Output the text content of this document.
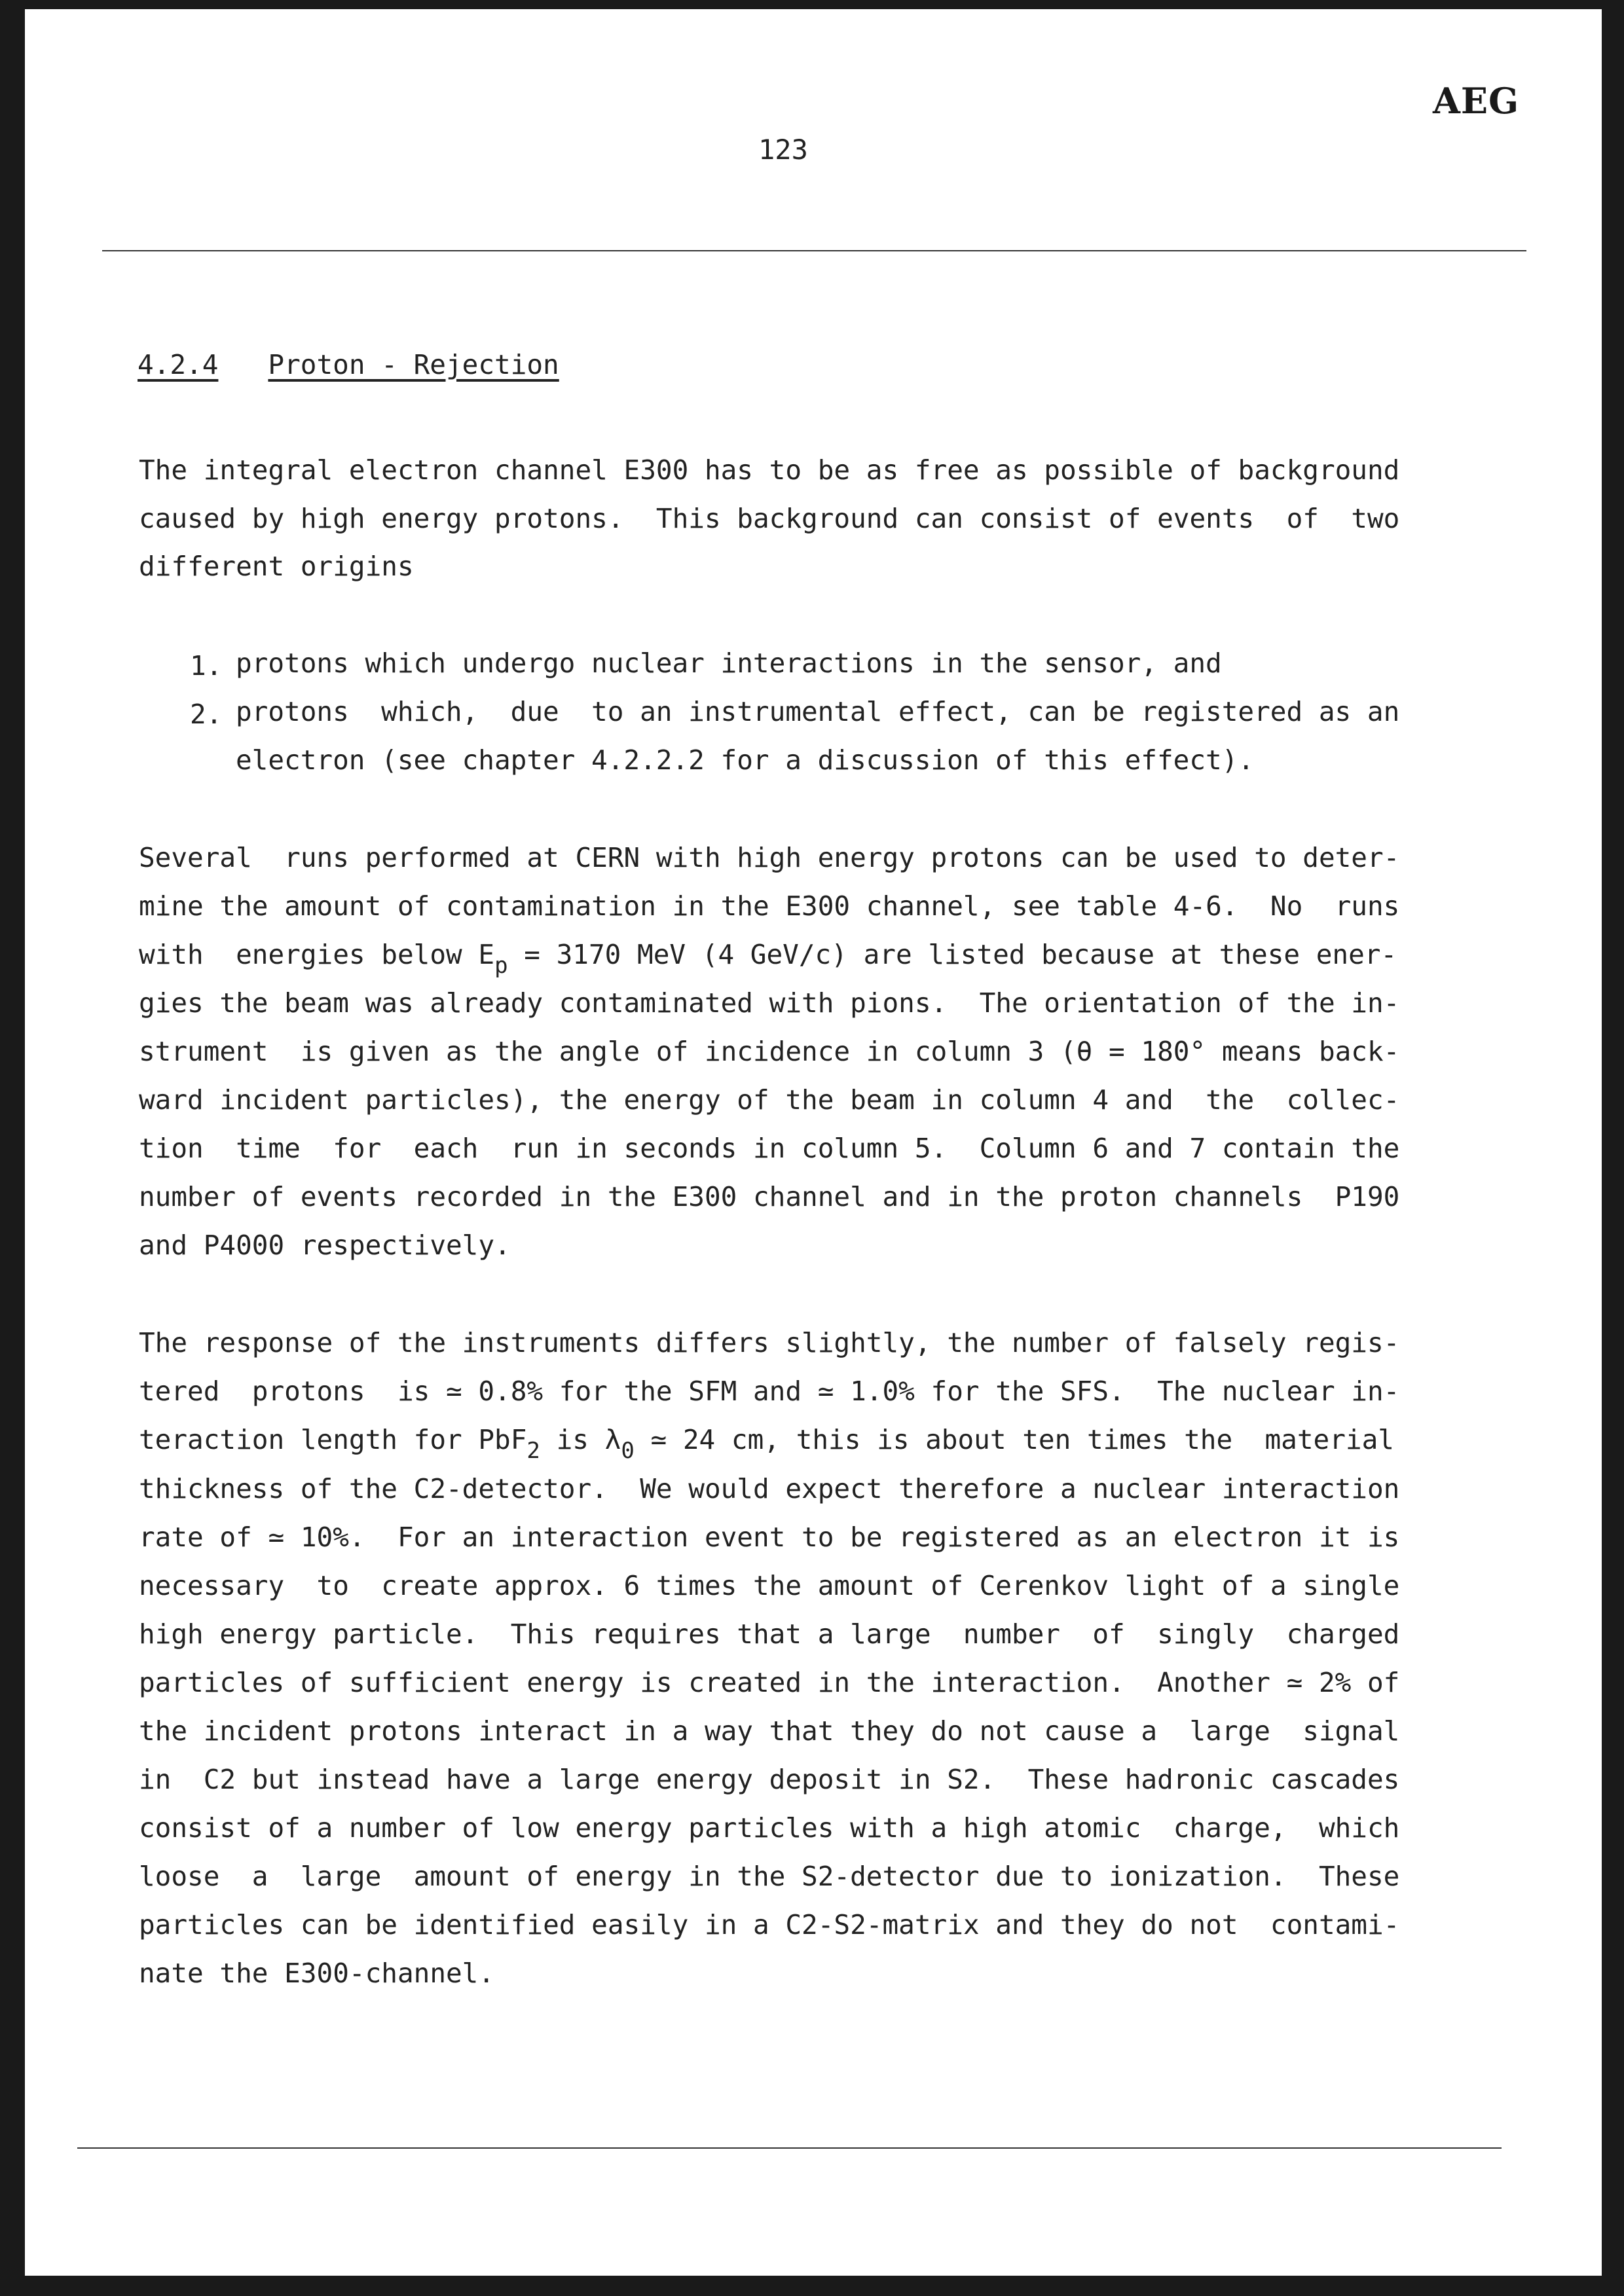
AEG
123
4.2.4 Proton - Rejection
The integral electron channel E300 has to be as free as possible of background
caused by high energy protons.  This background can consist of events  of  two
different origins
1. protons which undergo nuclear interactions in the sensor, and
2. protons  which,  due  to an instrumental effect, can be registered as an
electron (see chapter 4.2.2.2 for a discussion of this effect).
Several  runs performed at CERN with high energy protons can be used to deter-
mine the amount of contamination in the E300 channel, see table 4-6.  No  runs
with  energies below $E_p = 3170$ MeV (4 GeV/c) are listed because at these ener-
gies the beam was already contaminated with pions.  The orientation of the in-
strument  is given as the angle of incidence in column 3 (θ = 180° means back-
ward incident particles), the energy of the beam in column 4 and  the  collec-
tion  time  for  each  run in seconds in column 5.  Column 6 and 7 contain the
number of events recorded in the E300 channel and in the proton channels  P190
and P4000 respectively.
The response of the instruments differs slightly, the number of falsely regis-
tered  protons  is ≃ 0.8% for the SFM and ≃ 1.0% for the SFS.  The nuclear in-
teraction length for PbF$_2$ is $\lambda_0$ ≃ 24 cm, this is about ten times the  material
thickness of the C2-detector.  We would expect therefore a nuclear interaction
rate of ≃ 10%.  For an interaction event to be registered as an electron it is
necessary  to  create approx. 6 times the amount of Cerenkov light of a single
high energy particle.  This requires that a large  number  of  singly  charged
particles of sufficient energy is created in the interaction.  Another ≃ 2% of
the incident protons interact in a way that they do not cause a  large  signal
in  C2 but instead have a large energy deposit in S2.  These hadronic cascades
consist of a number of low energy particles with a high atomic  charge,  which
loose  a  large  amount of energy in the S2-detector due to ionization.  These
particles can be identified easily in a C2-S2-matrix and they do not  contami-
nate the E300-channel.
